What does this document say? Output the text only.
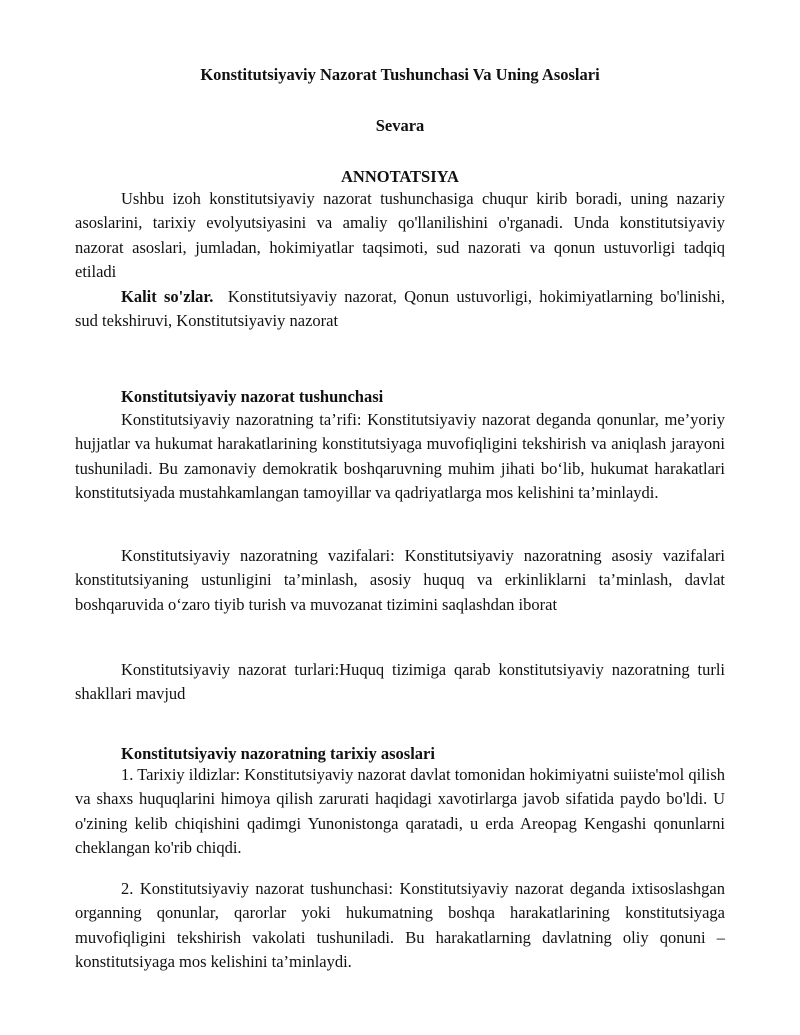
Konstitutsiyaviy Nazorat Tushunchasi Va Uning Asoslari
Sevara
ANNOTATSIYA

Ushbu izoh konstitutsiyaviy nazorat tushunchasiga chuqur kirib boradi, uning nazariy asoslarini, tarixiy evolyutsiyasini va amaliy qo'llanilishini o'rganadi. Unda konstitutsiyaviy nazorat asoslari, jumladan, hokimiyatlar taqsimoti, sud nazorati va qonun ustuvorligi tadqiq etiladi

Kalit so'zlar. Konstitutsiyaviy nazorat, Qonun ustuvorligi, hokimiyatlarning bo'linishi, sud tekshiruvi, Konstitutsiyaviy nazorat

Konstitutsiyaviy nazorat tushunchasi

Konstitutsiyaviy nazoratning ta’rifi: Konstitutsiyaviy nazorat deganda qonunlar, me’yoriy hujjatlar va hukumat harakatlarining konstitutsiyaga muvofiqligini tekshirish va aniqlash jarayoni tushuniladi. Bu zamonaviy demokratik boshqaruvning muhim jihati bo‘lib, hukumat harakatlari konstitutsiyada mustahkamlangan tamoyillar va qadriyatlarga mos kelishini ta’minlaydi.

Konstitutsiyaviy nazoratning vazifalari: Konstitutsiyaviy nazoratning asosiy vazifalari konstitutsiyaning ustunligini ta’minlash, asosiy huquq va erkinliklarni ta’minlash, davlat boshqaruvida o‘zaro tiyib turish va muvozanat tizimini saqlashdan iborat

Konstitutsiyaviy nazorat turlari:Huquq tizimiga qarab konstitutsiyaviy nazoratning turli shakllari mavjud

Konstitutsiyaviy nazoratning tarixiy asoslari

1. Tarixiy ildizlar: Konstitutsiyaviy nazorat davlat tomonidan hokimiyatni suiiste'mol qilish va shaxs huquqlarini himoya qilish zarurati haqidagi xavotirlarga javob sifatida paydo bo'ldi. U o'zining kelib chiqishini qadimgi Yunonistonga qaratadi, u erda Areopag Kengashi qonunlarni cheklangan ko'rib chiqdi.

2. Konstitutsiyaviy nazorat tushunchasi: Konstitutsiyaviy nazorat deganda ixtisoslashgan organning qonunlar, qarorlar yoki hukumatning boshqa harakatlarining konstitutsiyaga muvofiqligini tekshirish vakolati tushuniladi. Bu harakatlarning davlatning oliy qonuni – konstitutsiyaga mos kelishini ta’minlaydi.
